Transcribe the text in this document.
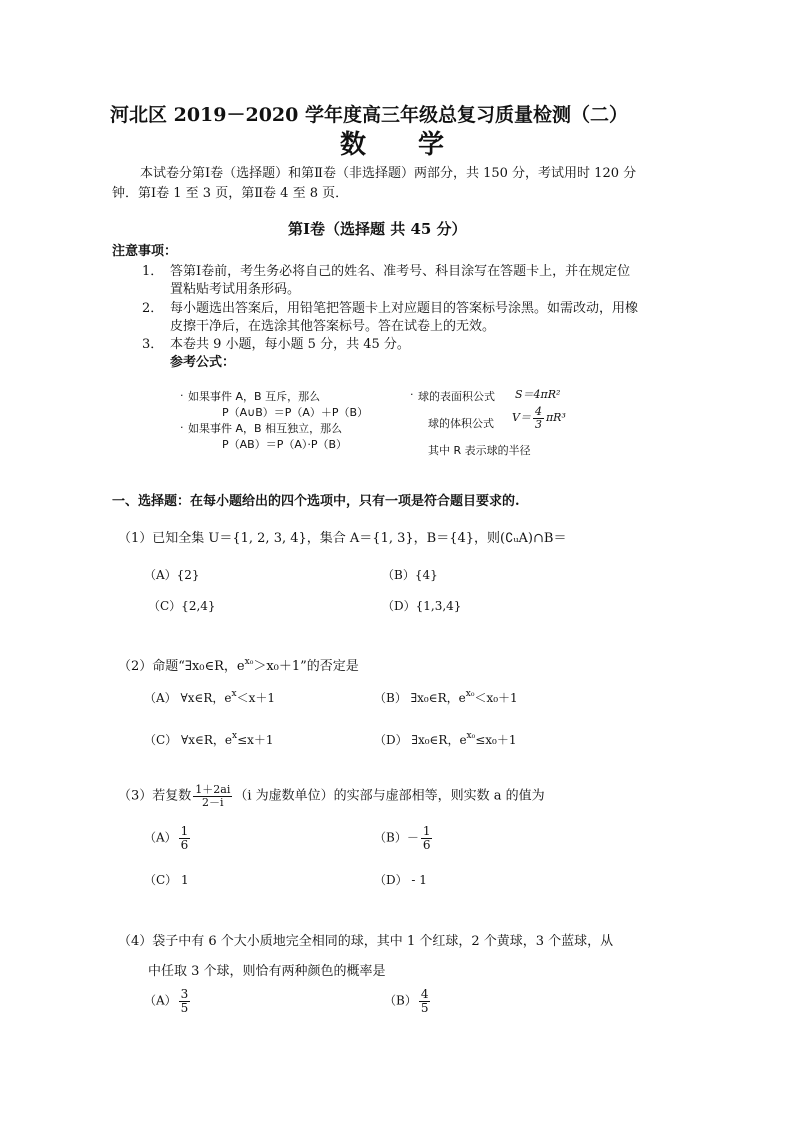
河北区 2019－2020 学年度高三年级总复习质量检测（二）
数　　学
本试卷分第Ⅰ卷（选择题）和第Ⅱ卷（非选择题）两部分，共 150 分，考试用时 120 分
钟．第Ⅰ卷 1 至 3 页，第Ⅱ卷 4 至 8 页．
第Ⅰ卷（选择题 共 45 分）
注意事项：
1． 答第Ⅰ卷前，考生务必将自己的姓名、准考号、科目涂写在答题卡上，并在规定位
置粘贴考试用条形码。
2． 每小题选出答案后，用铅笔把答题卡上对应题目的答案标号涂黑。如需改动，用橡
皮擦干净后，在选涂其他答案标号。答在试卷上的无效。
3． 本卷共 9 小题，每小题 5 分，共 45 分。
参考公式：
· 如果事件 A，B 互斥，那么
P（A∪B）＝P（A）＋P（B）
· 如果事件 A，B 相互独立，那么
P（AB）＝P（A）·P（B）
· 球的表面积公式 S＝4πR²
球的体积公式 $V= \frac{4}{3} \pi R^3$
其中 R 表示球的半径
一、选择题：在每小题给出的四个选项中，只有一项是符合题目要求的.
（1）已知全集 U＝{1, 2, 3, 4}，集合 A＝{1, 3}，B＝{4}，则(∁ᵤA)∩B＝
（A）{2}	（B）{4}
（C）{2,4}	（D）{1,3,4}
（2）命题“∃x₀∈R，$e^{x_0}>x_0+1$”的否定是
（A） ∀x∈R，$e^x<x+1$	（B） ∃x₀∈R，$e^{x_0}<x_0+1$
（C） ∀x∈R，$e^x\le x+1$	（D） ∃x₀∈R，$e^{x_0}\le x_0+1$
（3）若复数 $\frac{1+2ai}{2-i} (i$ 为虚数单位）的实部与虚部相等，则实数 a 的值为
$(A) \frac{1}{6}$	$(B)- \frac{1}{6}$
（C） 1	（D） - 1
（4）袋子中有 6 个大小质地完全相同的球，其中 1 个红球，2 个黄球，3 个蓝球，从
中任取 3 个球，则恰有两种颜色的概率是
$(A) \frac{3}{5}$	$(B) \frac{4}{5}$
